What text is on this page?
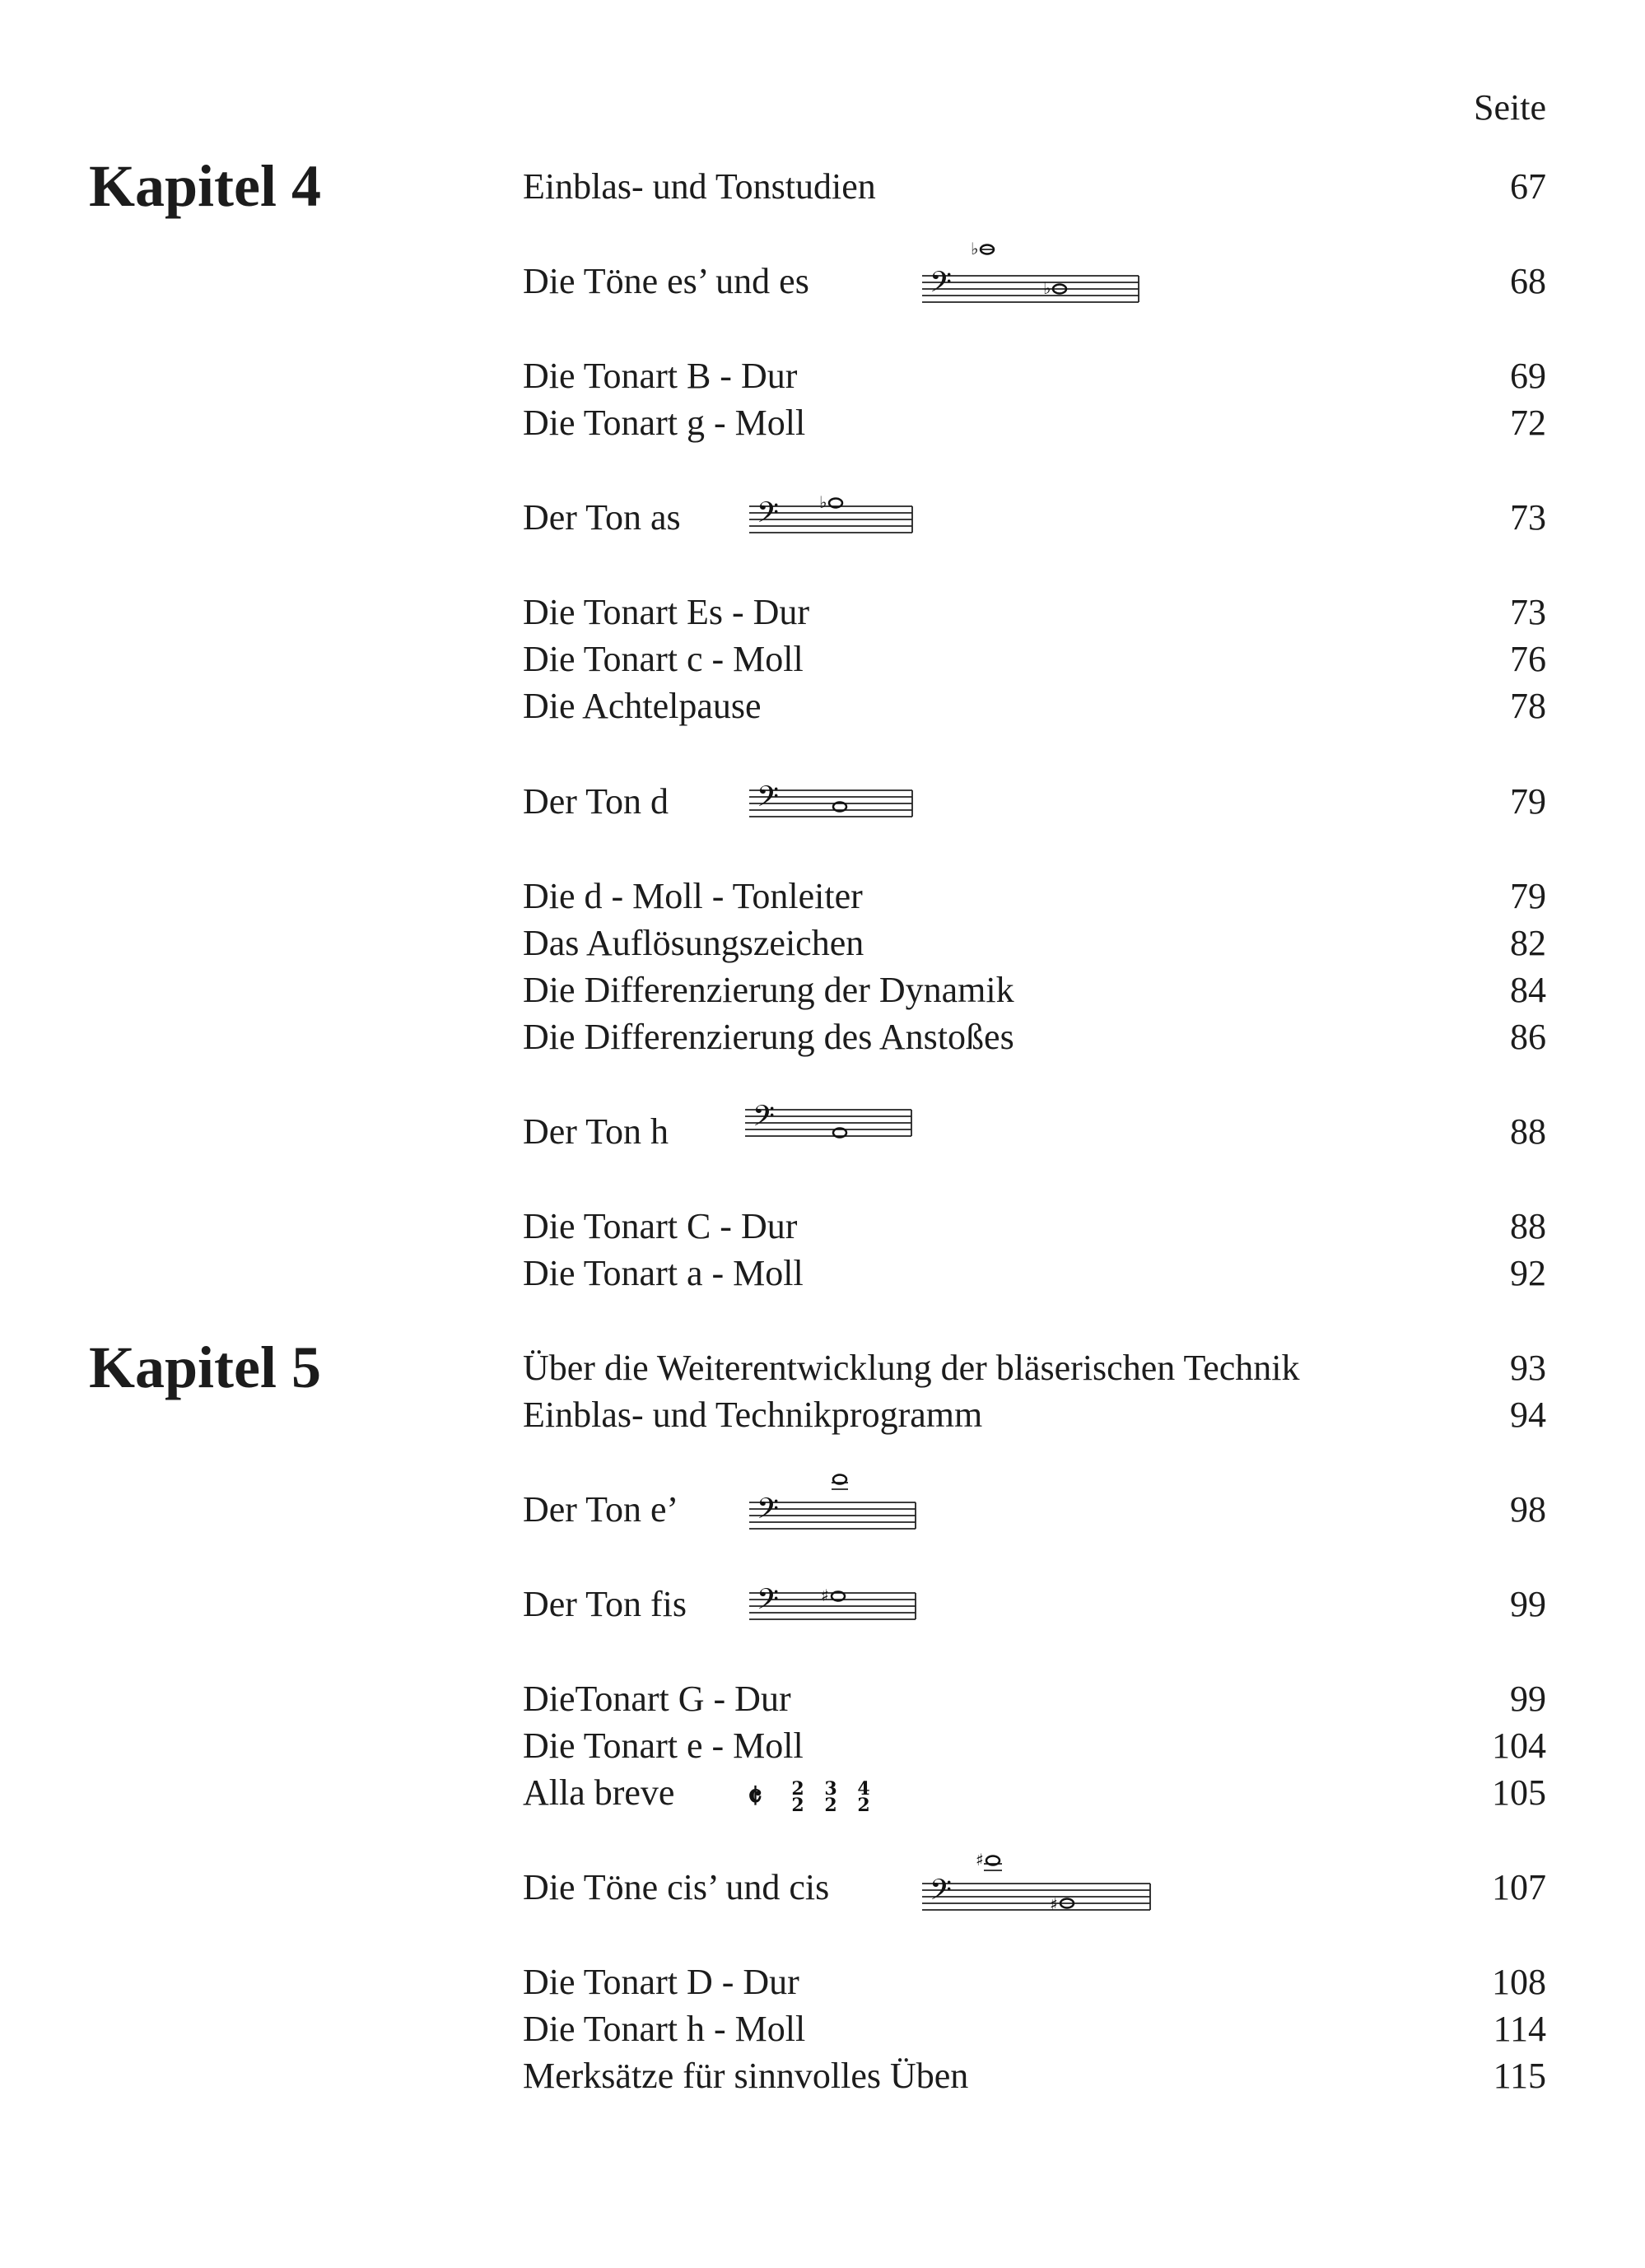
Seite
Kapitel 4
Kapitel 5
Einblas- und Tonstudien	67
Die Töne es’ und es	68
𝄢
♭
♭
Die Tonart B - Dur	69
Die Tonart g - Moll	72
Der Ton as	73
𝄢 ♭
Die Tonart Es - Dur	73
Die Tonart c - Moll	76
Die Achtelpause	78
Der Ton d	79
𝄢
Die d - Moll - Tonleiter	79
Das Auflösungszeichen	82
Die Differenzierung der Dynamik	84
Die Differenzierung des Anstoßes	86
Der Ton h	88
𝄢
Die Tonart C - Dur	88
Die Tonart a - Moll	92
Über die Weiterentwicklung der bläserischen Technik	93
Einblas- und Technikprogramm	94
Der Ton e’	98
𝄢
Der Ton fis	99
𝄢	♯
DieTonart G - Dur	99
Die Tonart e - Moll	104
Alla breve	105
𝄵 2
2
3
2
4
2
Die Töne cis’ und cis	107
𝄢
♯
♯
Die Tonart D - Dur	108
Die Tonart h - Moll	114
Merksätze für sinnvolles Üben	115
